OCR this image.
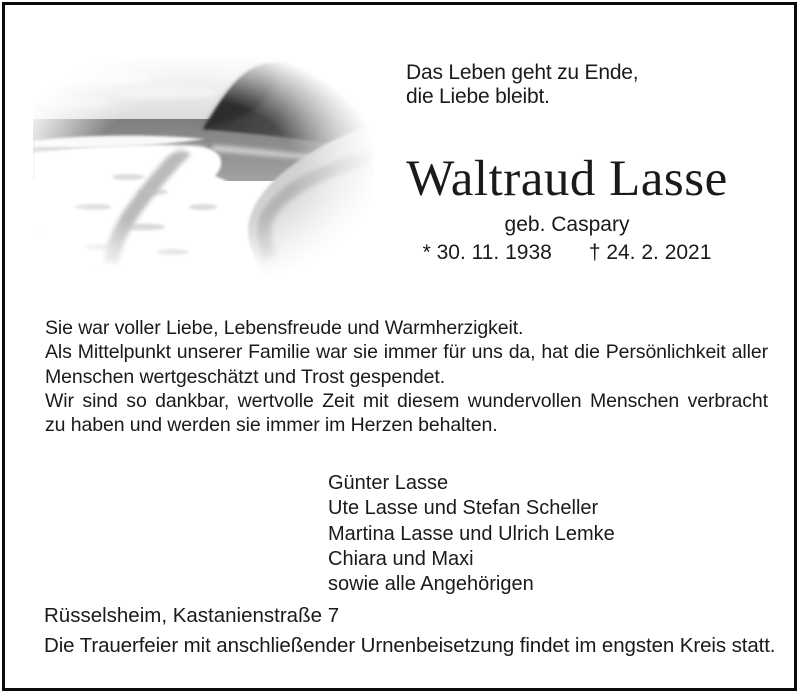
Das Leben geht zu Ende,
die Liebe bleibt.
Waltraud Lasse
geb. Caspary
* 30. 11. 1938 † 24. 2. 2021
Sie war voller Liebe, Lebensfreude und Warmherzigkeit.
Als Mittelpunkt unserer Familie war sie immer für uns da, hat die Persönlichkeit aller
Menschen wertgeschätzt und Trost gespendet.
Wir sind so dankbar, wertvolle Zeit mit diesem wundervollen Menschen verbracht
zu haben und werden sie immer im Herzen behalten.
Günter Lasse
Ute Lasse und Stefan Scheller
Martina Lasse und Ulrich Lemke
Chiara und Maxi
sowie alle Angehörigen
Rüsselsheim, Kastanienstraße 7
Die Trauerfeier mit anschließender Urnenbeisetzung findet im engsten Kreis statt.
